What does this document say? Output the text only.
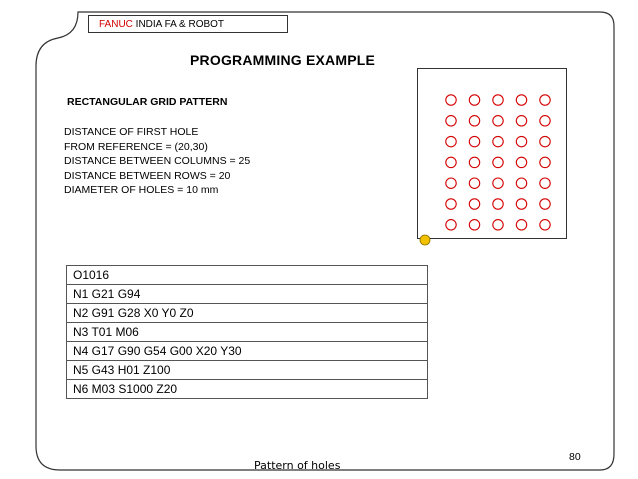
FANUC INDIA FA & ROBOT
PROGRAMMING EXAMPLE
RECTANGULAR GRID PATTERN
DISTANCE OF FIRST HOLE
FROM REFERENCE = (20,30)
DISTANCE BETWEEN COLUMNS = 25
DISTANCE BETWEEN ROWS = 20
DIAMETER OF HOLES = 10 mm
O1016
N1 G21 G94
N2 G91 G28 X0 Y0 Z0
N3 T01 M06
N4 G17 G90 G54 G00 X20 Y30
N5 G43 H01 Z100
N6 M03 S1000 Z20
Pattern of holes
80
